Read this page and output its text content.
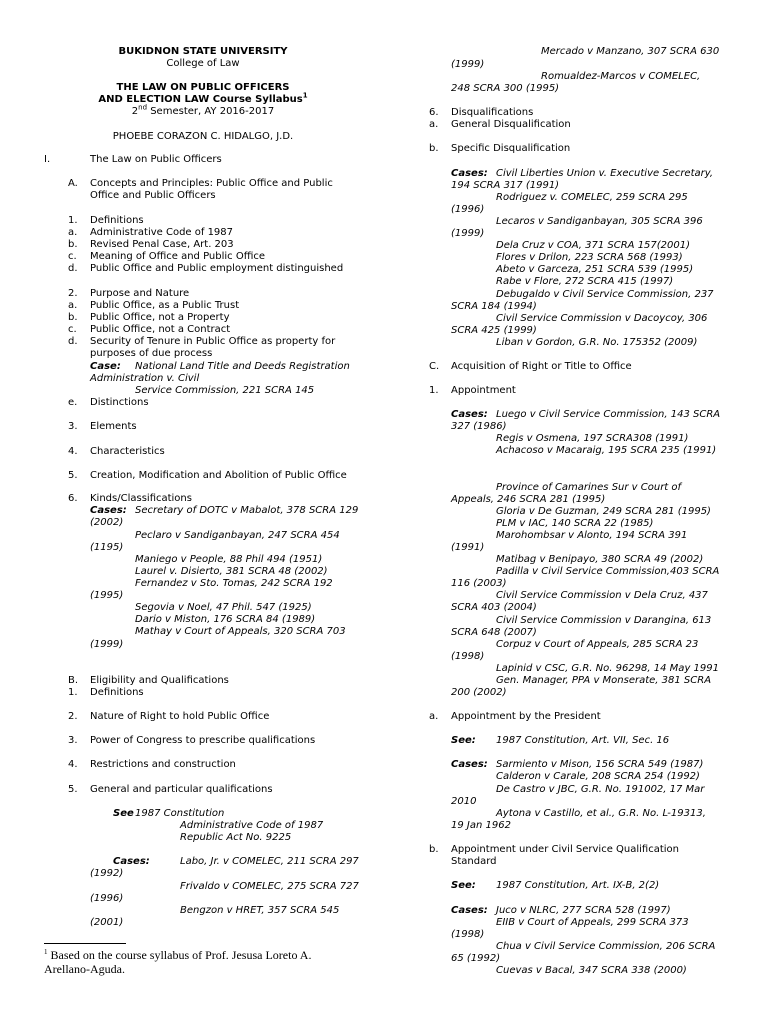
BUKIDNON STATE UNIVERSITY
College of Law
THE LAW ON PUBLIC OFFICERS
AND ELECTION LAW Course Syllabus$^1$
2nd Semester, AY 2016-2017
PHOEBE CORAZON C. HIDALGO, J.D.
I.	The Law on Public Officers
A. Concepts and Principles: Public Office and Public
Office and Public Officers
1. Definitions
a. Administrative Code of 1987
b. Revised Penal Case, Art. 203
c. Meaning of Office and Public Office
d. Public Office and Public employment distinguished
2. Purpose and Nature
a. Public Office, as a Public Trust
b. Public Office, not a Property
c. Public Office, not a Contract
d. Security of Tenure in Public Office as property for
purposes of due process
Case: National Land Title and Deeds Registration
Administration v. Civil
Service Commission, 221 SCRA 145
e. Distinctions
3. Elements
4. Characteristics
5. Creation, Modification and Abolition of Public Office
6. Kinds/Classifications
Cases: Secretary of DOTC v Mabalot, 378 SCRA 129
(2002)
Peclaro v Sandiganbayan, 247 SCRA 454
(1195)
Maniego v People, 88 Phil 494 (1951)
Laurel v. Disierto, 381 SCRA 48 (2002)
Fernandez v Sto. Tomas, 242 SCRA 192
(1995)
Segovia v Noel, 47 Phil. 547 (1925)
Dario v Miston, 176 SCRA 84 (1989)
Mathay v Court of Appeals, 320 SCRA 703
(1999)
B. Eligibility and Qualifications
1. Definitions
2. Nature of Right to hold Public Office
3. Power of Congress to prescribe qualifications
4. Restrictions and construction
5. General and particular qualifications
See 1987 Constitution
Administrative Code of 1987
Republic Act No. 9225
Cases:	Labo, Jr. v COMELEC, 211 SCRA 297
(1992)
Frivaldo v COMELEC, 275 SCRA 727
(1996)
Bengzon v HRET, 357 SCRA 545
(2001)
Mercado v Manzano, 307 SCRA 630
(1999)
Romualdez-Marcos v COMELEC,
248 SCRA 300 (1995)
6. Disqualifications
a. General Disqualification
b. Specific Disqualification
Cases: Civil Liberties Union v. Executive Secretary,
194 SCRA 317 (1991)
Rodriguez v. COMELEC, 259 SCRA 295
(1996)
Lecaros v Sandiganbayan, 305 SCRA 396
(1999)
Dela Cruz v COA, 371 SCRA 157(2001)
Flores v Drilon, 223 SCRA 568 (1993)
Abeto v Garceza, 251 SCRA 539 (1995)
Rabe v Flore, 272 SCRA 415 (1997)
Debugaldo v Civil Service Commission, 237
SCRA 184 (1994)
Civil Service Commission v Dacoycoy, 306
SCRA 425 (1999)
Liban v Gordon, G.R. No. 175352 (2009)
C. Acquisition of Right or Title to Office
1. Appointment
Cases: Luego v Civil Service Commission, 143 SCRA
327 (1986)
Regis v Osmena, 197 SCRA308 (1991)
Achacoso v Macaraig, 195 SCRA 235 (1991)
Province of Camarines Sur v Court of
Appeals, 246 SCRA 281 (1995)
Gloria v De Guzman, 249 SCRA 281 (1995)
PLM v IAC, 140 SCRA 22 (1985)
Marohombsar v Alonto, 194 SCRA 391
(1991)
Matibag v Benipayo, 380 SCRA 49 (2002)
Padilla v Civil Service Commission,403 SCRA
116 (2003)
Civil Service Commission v Dela Cruz, 437
SCRA 403 (2004)
Civil Service Commission v Darangina, 613
SCRA 648 (2007)
Corpuz v Court of Appeals, 285 SCRA 23
(1998)
Lapinid v CSC, G.R. No. 96298, 14 May 1991
Gen. Manager, PPA v Monserate, 381 SCRA
200 (2002)
a. Appointment by the President
See: 1987 Constitution, Art. VII, Sec. 16
Cases: Sarmiento v Mison, 156 SCRA 549 (1987)
Calderon v Carale, 208 SCRA 254 (1992)
De Castro v JBC, G.R. No. 191002, 17 Mar
2010
Aytona v Castillo, et al., G.R. No. L-19313,
19 Jan 1962
b. Appointment under Civil Service Qualification
Standard
See: 1987 Constitution, Art. IX-B, 2(2)
Cases: Juco v NLRC, 277 SCRA 528 (1997)
EIIB v Court of Appeals, 299 SCRA 373
(1998)
Chua v Civil Service Commission, 206 SCRA
65 (1992)
Cuevas v Bacal, 347 SCRA 338 (2000)
$^1$ Based on the course syllabus of Prof. Jesusa Loreto A.
Arellano-Aguda.
